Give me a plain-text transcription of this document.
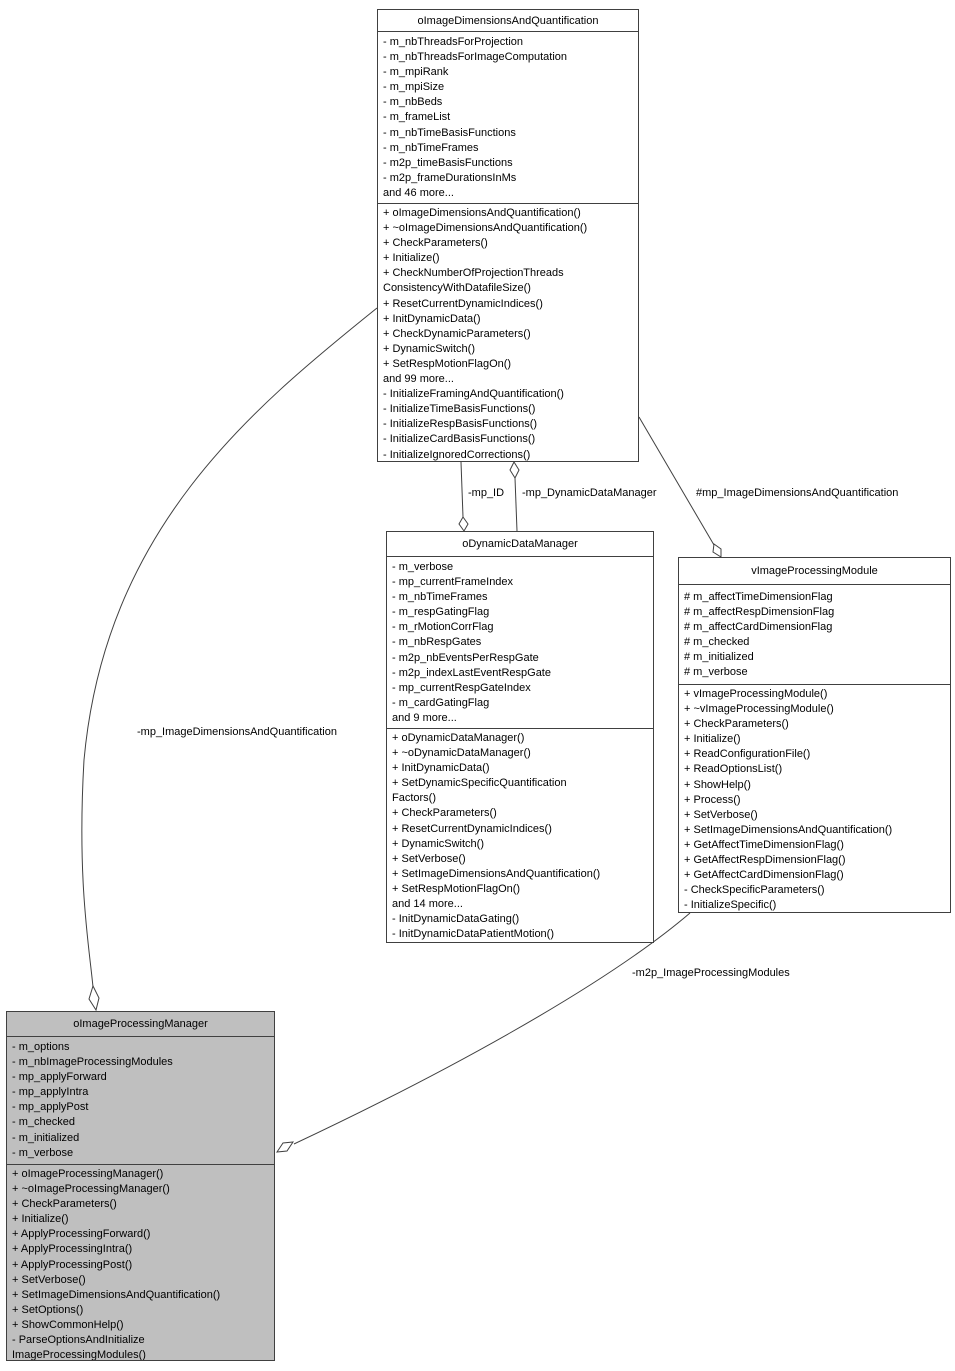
oImageDimensionsAndQuantification
- m_nbThreadsForProjection
- m_nbThreadsForImageComputation
- m_mpiRank
- m_mpiSize
- m_nbBeds
- m_frameList
- m_nbTimeBasisFunctions
- m_nbTimeFrames
- m2p_timeBasisFunctions
- m2p_frameDurationsInMs
and 46 more...
+ oImageDimensionsAndQuantification()
+ ~oImageDimensionsAndQuantification()
+ CheckParameters()
+ Initialize()
+ CheckNumberOfProjectionThreads
ConsistencyWithDatafileSize()
+ ResetCurrentDynamicIndices()
+ InitDynamicData()
+ CheckDynamicParameters()
+ DynamicSwitch()
+ SetRespMotionFlagOn()
and 99 more...
- InitializeFramingAndQuantification()
- InitializeTimeBasisFunctions()
- InitializeRespBasisFunctions()
- InitializeCardBasisFunctions()
- InitializeIgnoredCorrections()
oDynamicDataManager
- m_verbose
- mp_currentFrameIndex
- m_nbTimeFrames
- m_respGatingFlag
- m_rMotionCorrFlag
- m_nbRespGates
- m2p_nbEventsPerRespGate
- m2p_indexLastEventRespGate
- mp_currentRespGateIndex
- m_cardGatingFlag
and 9 more...
+ oDynamicDataManager()
+ ~oDynamicDataManager()
+ InitDynamicData()
+ SetDynamicSpecificQuantification
Factors()
+ CheckParameters()
+ ResetCurrentDynamicIndices()
+ DynamicSwitch()
+ SetVerbose()
+ SetImageDimensionsAndQuantification()
+ SetRespMotionFlagOn()
and 14 more...
- InitDynamicDataGating()
- InitDynamicDataPatientMotion()
vImageProcessingModule
# m_affectTimeDimensionFlag
# m_affectRespDimensionFlag
# m_affectCardDimensionFlag
# m_checked
# m_initialized
# m_verbose
+ vImageProcessingModule()
+ ~vImageProcessingModule()
+ CheckParameters()
+ Initialize()
+ ReadConfigurationFile()
+ ReadOptionsList()
+ ShowHelp()
+ Process()
+ SetVerbose()
+ SetImageDimensionsAndQuantification()
+ GetAffectTimeDimensionFlag()
+ GetAffectRespDimensionFlag()
+ GetAffectCardDimensionFlag()
- CheckSpecificParameters()
- InitializeSpecific()
oImageProcessingManager
- m_options
- m_nbImageProcessingModules
- mp_applyForward
- mp_applyIntra
- mp_applyPost
- m_checked
- m_initialized
- m_verbose
+ oImageProcessingManager()
+ ~oImageProcessingManager()
+ CheckParameters()
+ Initialize()
+ ApplyProcessingForward()
+ ApplyProcessingIntra()
+ ApplyProcessingPost()
+ SetVerbose()
+ SetImageDimensionsAndQuantification()
+ SetOptions()
+ ShowCommonHelp()
- ParseOptionsAndInitialize
ImageProcessingModules()
-mp_ID -mp_DynamicDataManager	#mp_ImageDimensionsAndQuantification
-mp_ImageDimensionsAndQuantification
-m2p_ImageProcessingModules
